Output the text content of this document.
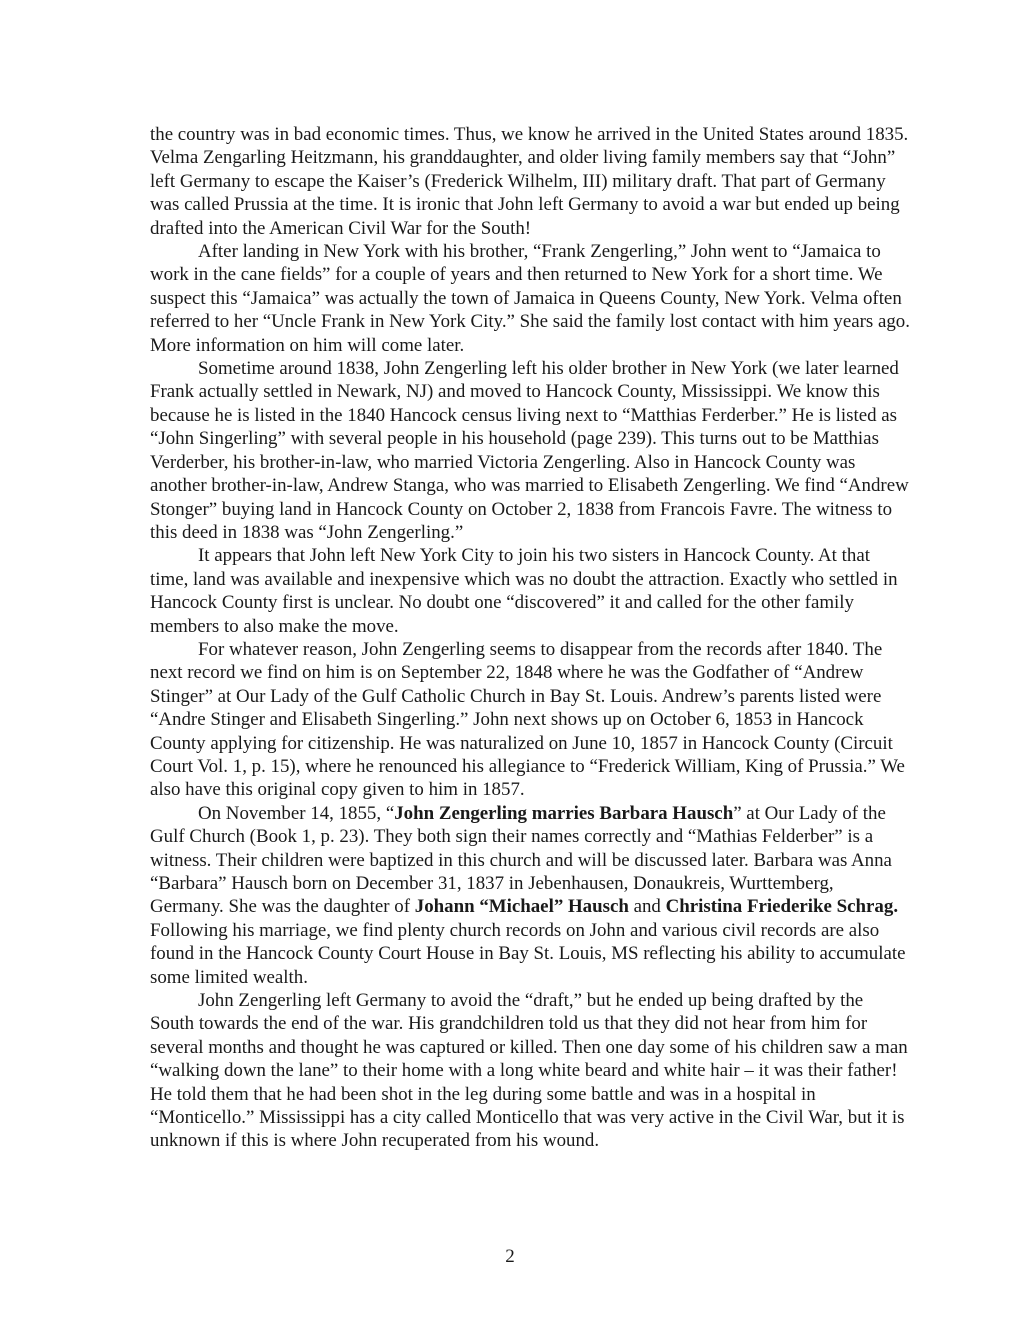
the country was in bad economic times. Thus, we know he arrived in the United States around 1835. Velma Zengarling Heitzmann, his granddaughter, and older living family members say that “John” left Germany to escape the Kaiser’s (Frederick Wilhelm, III) military draft. That part of Germany was called Prussia at the time. It is ironic that John left Germany to avoid a war but ended up being drafted into the American Civil War for the South!

After landing in New York with his brother, “Frank Zengerling,” John went to “Jamaica to work in the cane fields” for a couple of years and then returned to New York for a short time. We suspect this “Jamaica” was actually the town of Jamaica in Queens County, New York. Velma often referred to her “Uncle Frank in New York City.” She said the family lost contact with him years ago. More information on him will come later.

Sometime around 1838, John Zengerling left his older brother in New York (we later learned Frank actually settled in Newark, NJ) and moved to Hancock County, Mississippi. We know this because he is listed in the 1840 Hancock census living next to “Matthias Ferderber.” He is listed as “John Singerling” with several people in his household (page 239). This turns out to be Matthias Verderber, his brother-in-law, who married Victoria Zengerling. Also in Hancock County was another brother-in-law, Andrew Stanga, who was married to Elisabeth Zengerling. We find “Andrew Stonger” buying land in Hancock County on October 2, 1838 from Francois Favre. The witness to this deed in 1838 was “John Zengerling.”

It appears that John left New York City to join his two sisters in Hancock County. At that time, land was available and inexpensive which was no doubt the attraction. Exactly who settled in Hancock County first is unclear. No doubt one “discovered” it and called for the other family members to also make the move.

For whatever reason, John Zengerling seems to disappear from the records after 1840. The next record we find on him is on September 22, 1848 where he was the Godfather of “Andrew Stinger” at Our Lady of the Gulf Catholic Church in Bay St. Louis. Andrew’s parents listed were “Andre Stinger and Elisabeth Singerling.” John next shows up on October 6, 1853 in Hancock County applying for citizenship. He was naturalized on June 10, 1857 in Hancock County (Circuit Court Vol. 1, p. 15), where he renounced his allegiance to “Frederick William, King of Prussia.” We also have this original copy given to him in 1857.

On November 14, 1855, “John Zengerling marries Barbara Hausch” at Our Lady of the Gulf Church (Book 1, p. 23). They both sign their names correctly and “Mathias Felderber” is a witness. Their children were baptized in this church and will be discussed later. Barbara was Anna “Barbara” Hausch born on December 31, 1837 in Jebenhausen, Donaukreis, Wurttemberg, Germany. She was the daughter of Johann “Michael” Hausch and Christina Friederike Schrag. Following his marriage, we find plenty church records on John and various civil records are also found in the Hancock County Court House in Bay St. Louis, MS reflecting his ability to accumulate some limited wealth.

John Zengerling left Germany to avoid the “draft,” but he ended up being drafted by the South towards the end of the war. His grandchildren told us that they did not hear from him for several months and thought he was captured or killed. Then one day some of his children saw a man “walking down the lane” to their home with a long white beard and white hair – it was their father! He told them that he had been shot in the leg during some battle and was in a hospital in “Monticello.” Mississippi has a city called Monticello that was very active in the Civil War, but it is unknown if this is where John recuperated from his wound.

2
